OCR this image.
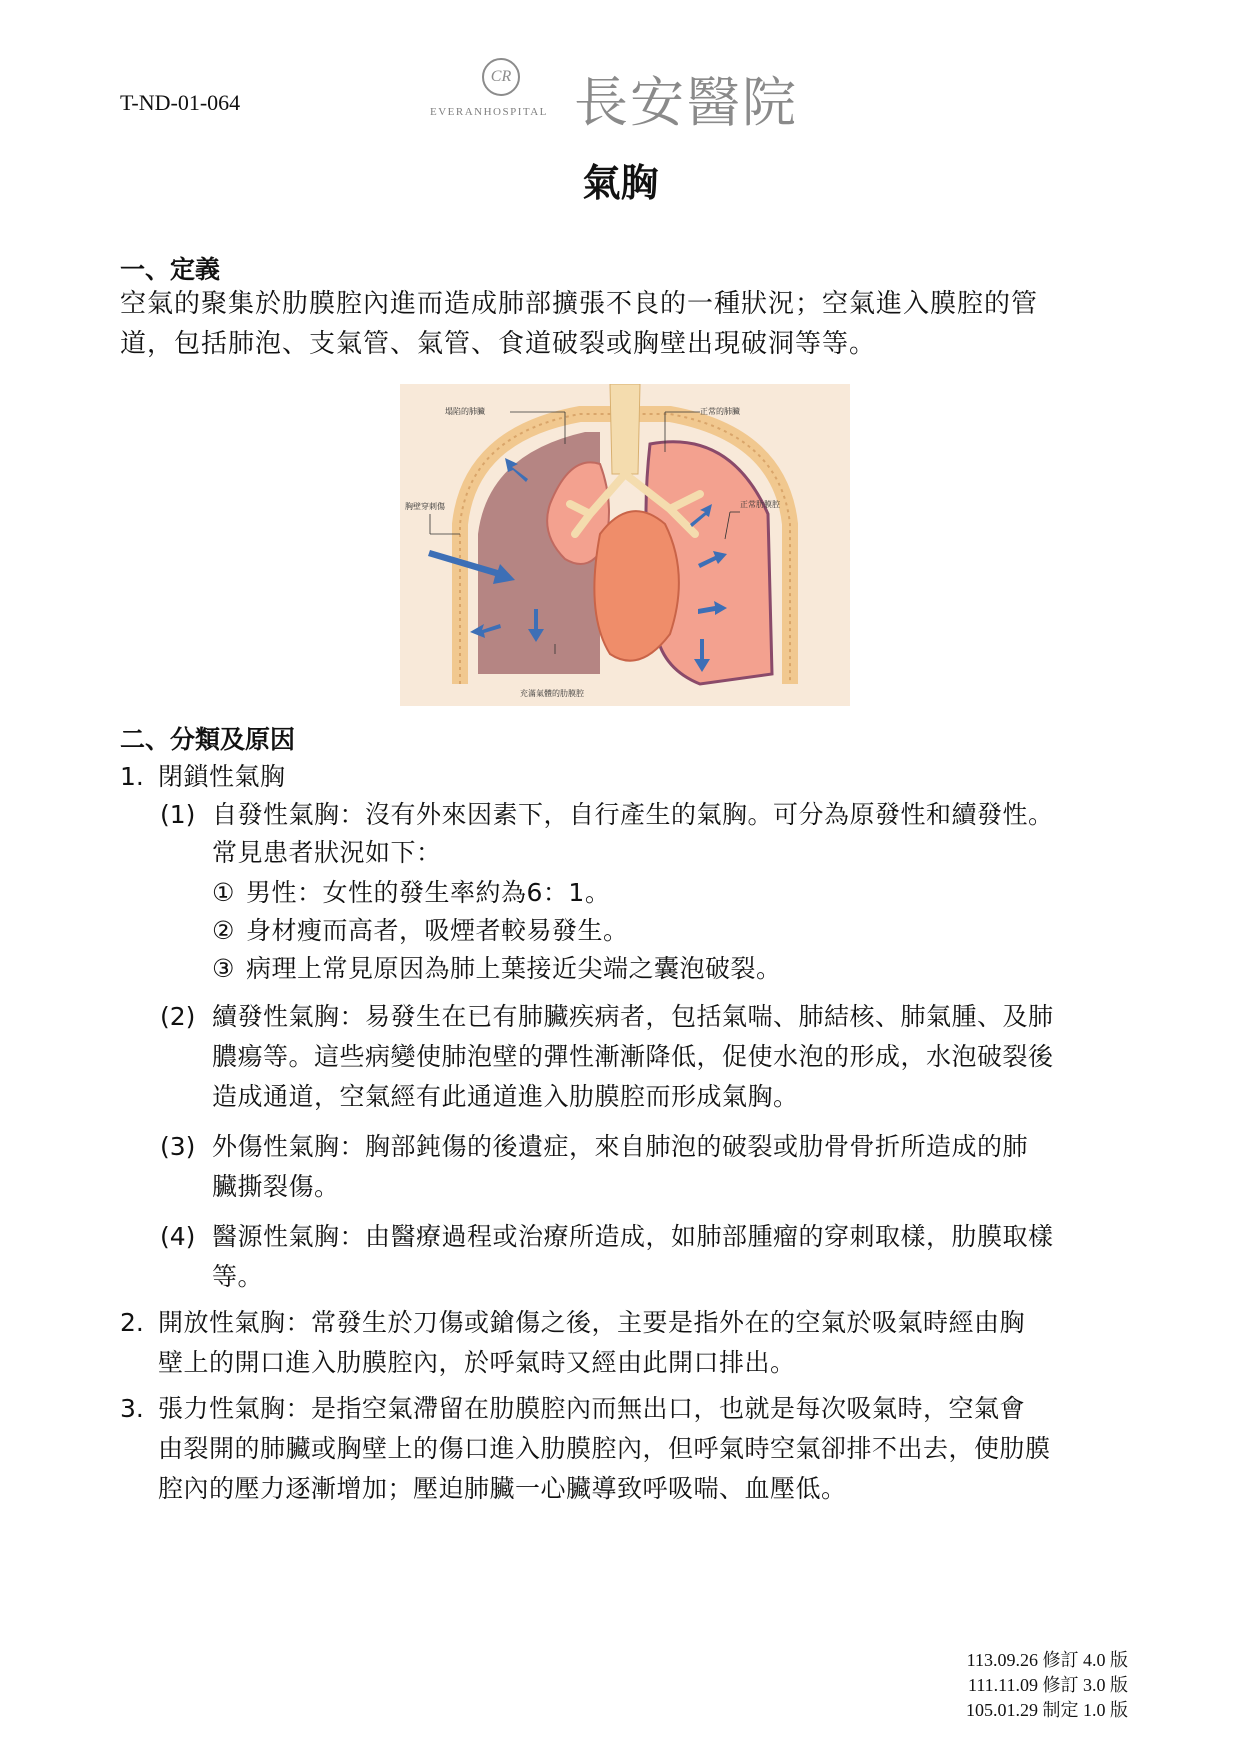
T-ND-01-064
CR
EVERANHOSPITAL 長安醫院
氣胸
一、定義
空氣的聚集於肋膜腔內進而造成肺部擴張不良的一種狀況；空氣進入膜腔的管
道，包括肺泡、支氣管、氣管、食道破裂或胸壁出現破洞等等。
塌陷的肺臟	正常的肺臟
胸壁穿刺傷	正常肋膜腔
充滿氣體的肋膜腔
二、分類及原因
1. 閉鎖性氣胸
(1) 自發性氣胸：沒有外來因素下，自行產生的氣胸。可分為原發性和續發性。
常見患者狀況如下：
① 男性：女性的發生率約為6：1。
② 身材瘦而高者，吸煙者較易發生。
③ 病理上常見原因為肺上葉接近尖端之囊泡破裂。
(2) 續發性氣胸：易發生在已有肺臟疾病者，包括氣喘、肺結核、肺氣腫、及肺
膿瘍等。這些病變使肺泡壁的彈性漸漸降低，促使水泡的形成，水泡破裂後
造成通道，空氣經有此通道進入肋膜腔而形成氣胸。
(3) 外傷性氣胸：胸部鈍傷的後遺症，來自肺泡的破裂或肋骨骨折所造成的肺
臟撕裂傷。
(4) 醫源性氣胸：由醫療過程或治療所造成，如肺部腫瘤的穿刺取樣，肋膜取樣
等。
2. 開放性氣胸：常發生於刀傷或鎗傷之後，主要是指外在的空氣於吸氣時經由胸
壁上的開口進入肋膜腔內，於呼氣時又經由此開口排出。
3. 張力性氣胸：是指空氣滯留在肋膜腔內而無出口，也就是每次吸氣時，空氣會
由裂開的肺臟或胸壁上的傷口進入肋膜腔內，但呼氣時空氣卻排不出去，使肋膜
腔內的壓力逐漸增加；壓迫肺臟一心臟導致呼吸喘、血壓低。
113.09.26 修訂 4.0 版
111.11.09 修訂 3.0 版
105.01.29 制定 1.0 版
